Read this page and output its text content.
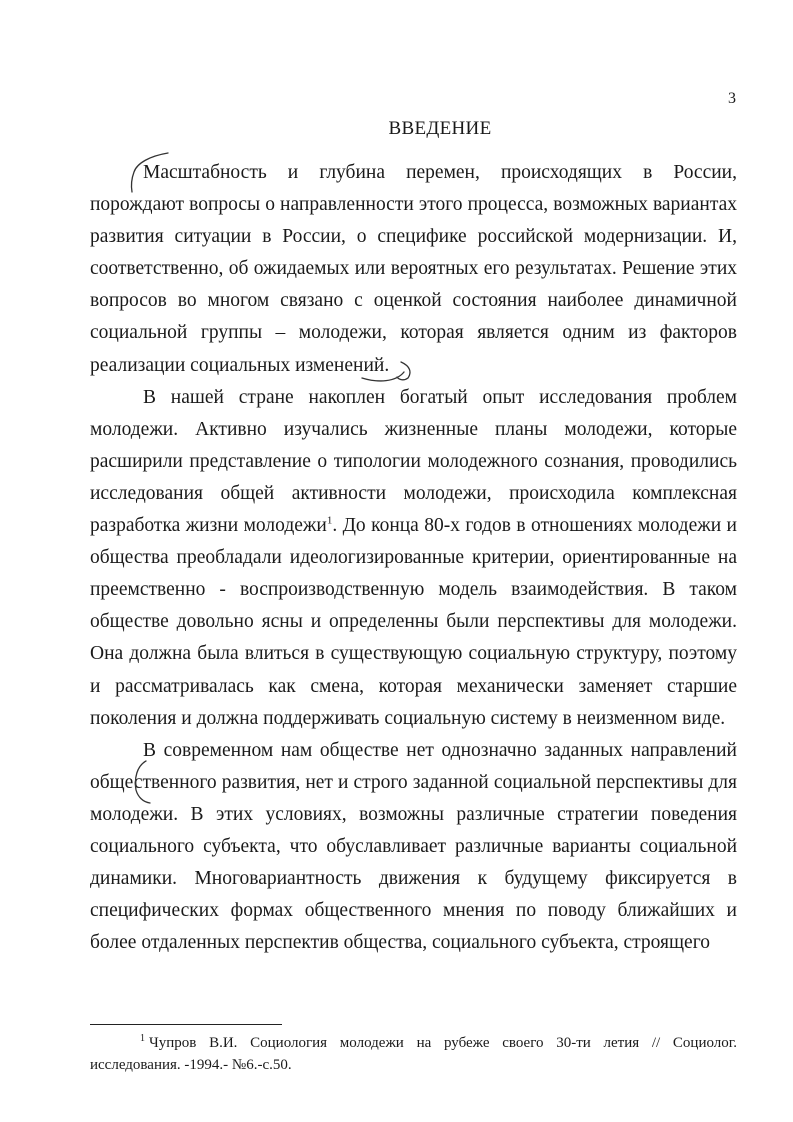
3
ВВЕДЕНИЕ

Масштабность и глубина перемен, происходящих в России, порождают вопросы о направленности этого процесса, возможных вариантах развития ситуации в России, о специфике российской модернизации. И, соответственно, об ожидаемых или вероятных его результатах. Решение этих вопросов во многом связано с оценкой состояния наиболее динамичной социальной группы – молодежи, которая является одним из факторов реализации социальных изменений.

В нашей стране накоплен богатый опыт исследования проблем молодежи. Активно изучались жизненные планы молодежи, которые расширили представление о типологии молодежного сознания, проводились исследования общей активности молодежи, происходила комплексная разработка жизни молодежи$^1$. До конца 80-х годов в отношениях молодежи и общества преобладали идеологизированные критерии, ориентированные на преемственно - воспроизводственную модель взаимодействия. В таком обществе довольно ясны и определенны были перспективы для молодежи. Она должна была влиться в существующую социальную структуру, поэтому и рассматривалась как смена, которая механически заменяет старшие поколения и должна поддерживать социальную систему в неизменном виде.

В современном нам обществе нет однозначно заданных направлений общественного развития, нет и строго заданной социальной перспективы для молодежи. В этих условиях, возможны различные стратегии поведения социального субъекта, что обуславливает различные варианты социальной динамики. Многовариантность движения к будущему фиксируется в специфических формах общественного мнения по поводу ближайших и более отдаленных перспектив общества, социального субъекта, строящего

$^1$ Чупров В.И. Социология молодежи на рубеже своего 30-ти летия // Социолог. исследования. -1994.- №6.-с.50.
